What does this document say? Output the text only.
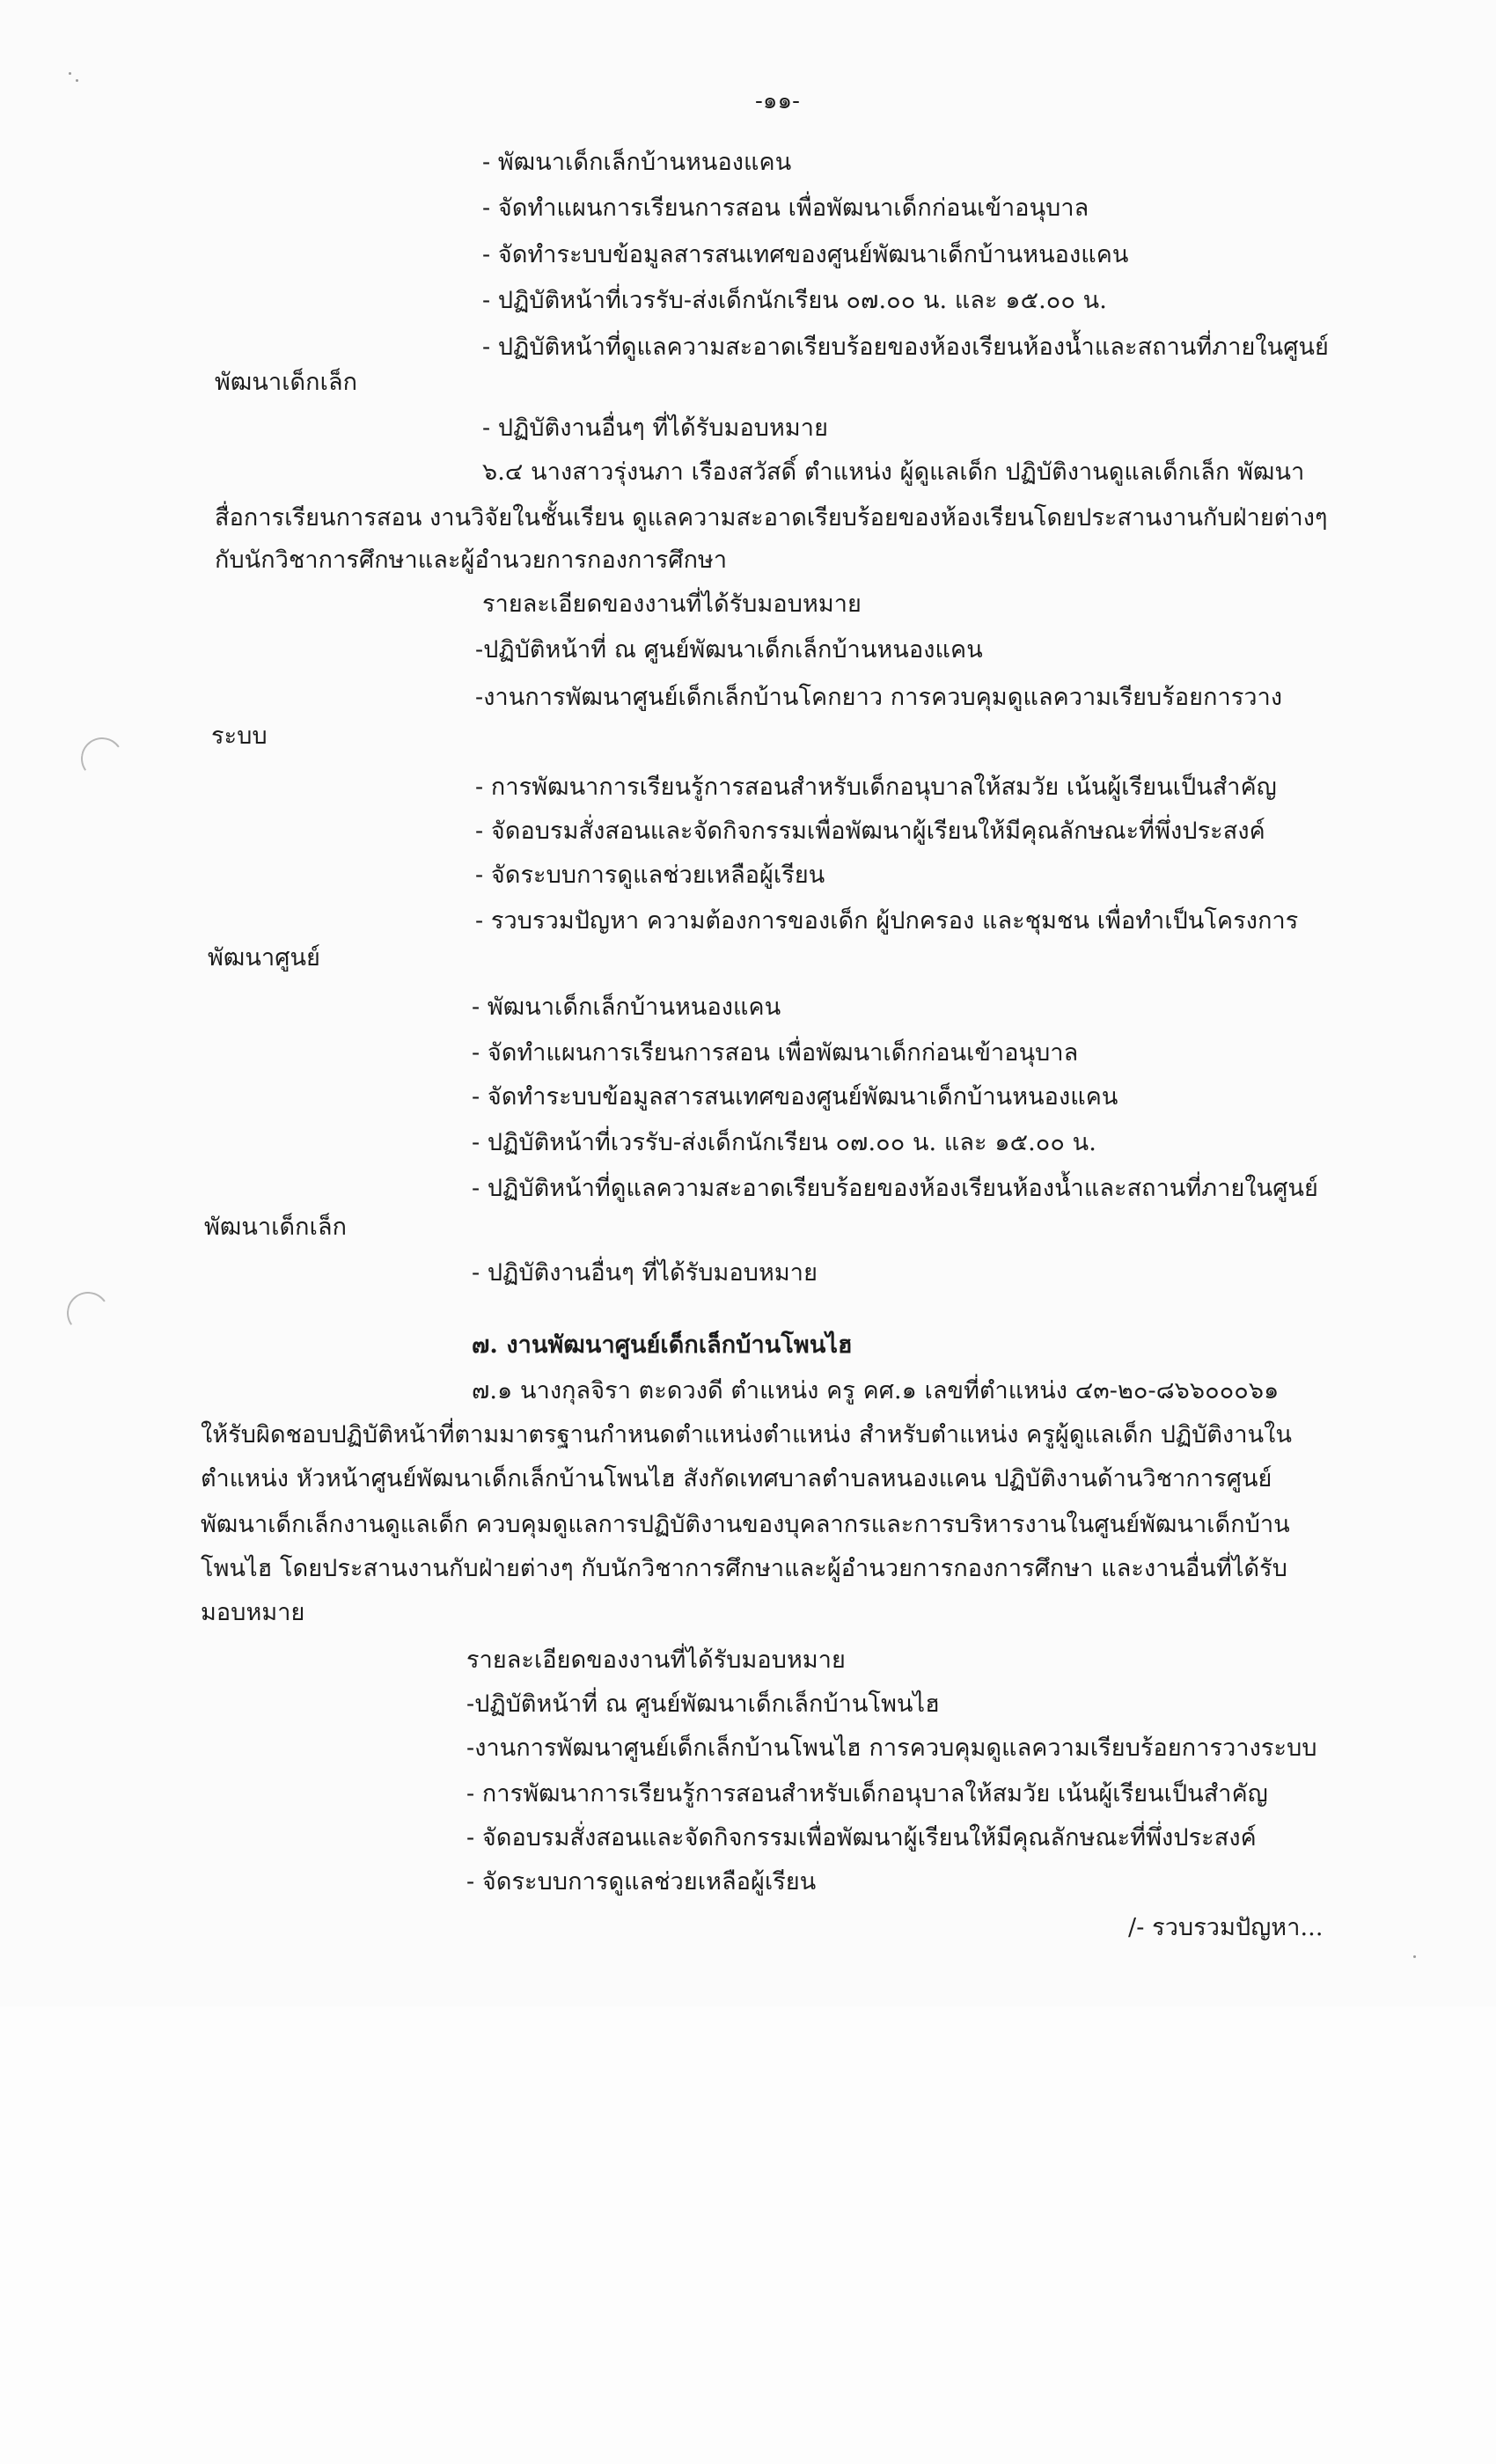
-๑๑-
- พัฒนาเด็กเล็กบ้านหนองแคน
- จัดทำแผนการเรียนการสอน เพื่อพัฒนาเด็กก่อนเข้าอนุบาล
- จัดทำระบบข้อมูลสารสนเทศของศูนย์พัฒนาเด็กบ้านหนองแคน
- ปฏิบัติหน้าที่เวรรับ-ส่งเด็กนักเรียน ๐๗.๐๐ น. และ ๑๕.๐๐ น.
- ปฏิบัติหน้าที่ดูแลความสะอาดเรียบร้อยของห้องเรียนห้องน้ำและสถานที่ภายในศูนย์
พัฒนาเด็กเล็ก
- ปฏิบัติงานอื่นๆ ที่ได้รับมอบหมาย
๖.๔ นางสาวรุ่งนภา เรืองสวัสดิ์ ตำแหน่ง ผู้ดูแลเด็ก ปฏิบัติงานดูแลเด็กเล็ก พัฒนา
สื่อการเรียนการสอน งานวิจัยในชั้นเรียน ดูแลความสะอาดเรียบร้อยของห้องเรียนโดยประสานงานกับฝ่ายต่างๆ
กับนักวิชาการศึกษาและผู้อำนวยการกองการศึกษา
รายละเอียดของงานที่ได้รับมอบหมาย
-ปฏิบัติหน้าที่ ณ ศูนย์พัฒนาเด็กเล็กบ้านหนองแคน
-งานการพัฒนาศูนย์เด็กเล็กบ้านโคกยาว การควบคุมดูแลความเรียบร้อยการวาง
ระบบ
- การพัฒนาการเรียนรู้การสอนสำหรับเด็กอนุบาลให้สมวัย เน้นผู้เรียนเป็นสำคัญ
- จัดอบรมสั่งสอนและจัดกิจกรรมเพื่อพัฒนาผู้เรียนให้มีคุณลักษณะที่พึ่งประสงค์
- จัดระบบการดูแลช่วยเหลือผู้เรียน
- รวบรวมปัญหา ความต้องการของเด็ก ผู้ปกครอง และชุมชน เพื่อทำเป็นโครงการ
พัฒนาศูนย์
- พัฒนาเด็กเล็กบ้านหนองแคน
- จัดทำแผนการเรียนการสอน เพื่อพัฒนาเด็กก่อนเข้าอนุบาล
- จัดทำระบบข้อมูลสารสนเทศของศูนย์พัฒนาเด็กบ้านหนองแคน
- ปฏิบัติหน้าที่เวรรับ-ส่งเด็กนักเรียน ๐๗.๐๐ น. และ ๑๕.๐๐ น.
- ปฏิบัติหน้าที่ดูแลความสะอาดเรียบร้อยของห้องเรียนห้องน้ำและสถานที่ภายในศูนย์
พัฒนาเด็กเล็ก
- ปฏิบัติงานอื่นๆ ที่ได้รับมอบหมาย
๗. งานพัฒนาศูนย์เด็กเล็กบ้านโพนไฮ
๗.๑ นางกุลจิรา ตะดวงดี ตำแหน่ง ครู คศ.๑ เลขที่ตำแหน่ง ๔๓-๒๐-๘๖๖๐๐๐๖๑
ให้รับผิดชอบปฏิบัติหน้าที่ตามมาตรฐานกำหนดตำแหน่งตำแหน่ง สำหรับตำแหน่ง ครูผู้ดูแลเด็ก ปฏิบัติงานใน
ตำแหน่ง หัวหน้าศูนย์พัฒนาเด็กเล็กบ้านโพนไฮ สังกัดเทศบาลตำบลหนองแคน ปฏิบัติงานด้านวิชาการศูนย์
พัฒนาเด็กเล็กงานดูแลเด็ก ควบคุมดูแลการปฏิบัติงานของบุคลากรและการบริหารงานในศูนย์พัฒนาเด็กบ้าน
โพนไฮ โดยประสานงานกับฝ่ายต่างๆ กับนักวิชาการศึกษาและผู้อำนวยการกองการศึกษา และงานอื่นที่ได้รับ
มอบหมาย
รายละเอียดของงานที่ได้รับมอบหมาย
-ปฏิบัติหน้าที่ ณ ศูนย์พัฒนาเด็กเล็กบ้านโพนไฮ
-งานการพัฒนาศูนย์เด็กเล็กบ้านโพนไฮ การควบคุมดูแลความเรียบร้อยการวางระบบ
- การพัฒนาการเรียนรู้การสอนสำหรับเด็กอนุบาลให้สมวัย เน้นผู้เรียนเป็นสำคัญ
- จัดอบรมสั่งสอนและจัดกิจกรรมเพื่อพัฒนาผู้เรียนให้มีคุณลักษณะที่พึ่งประสงค์
- จัดระบบการดูแลช่วยเหลือผู้เรียน
/- รวบรวมปัญหา...
